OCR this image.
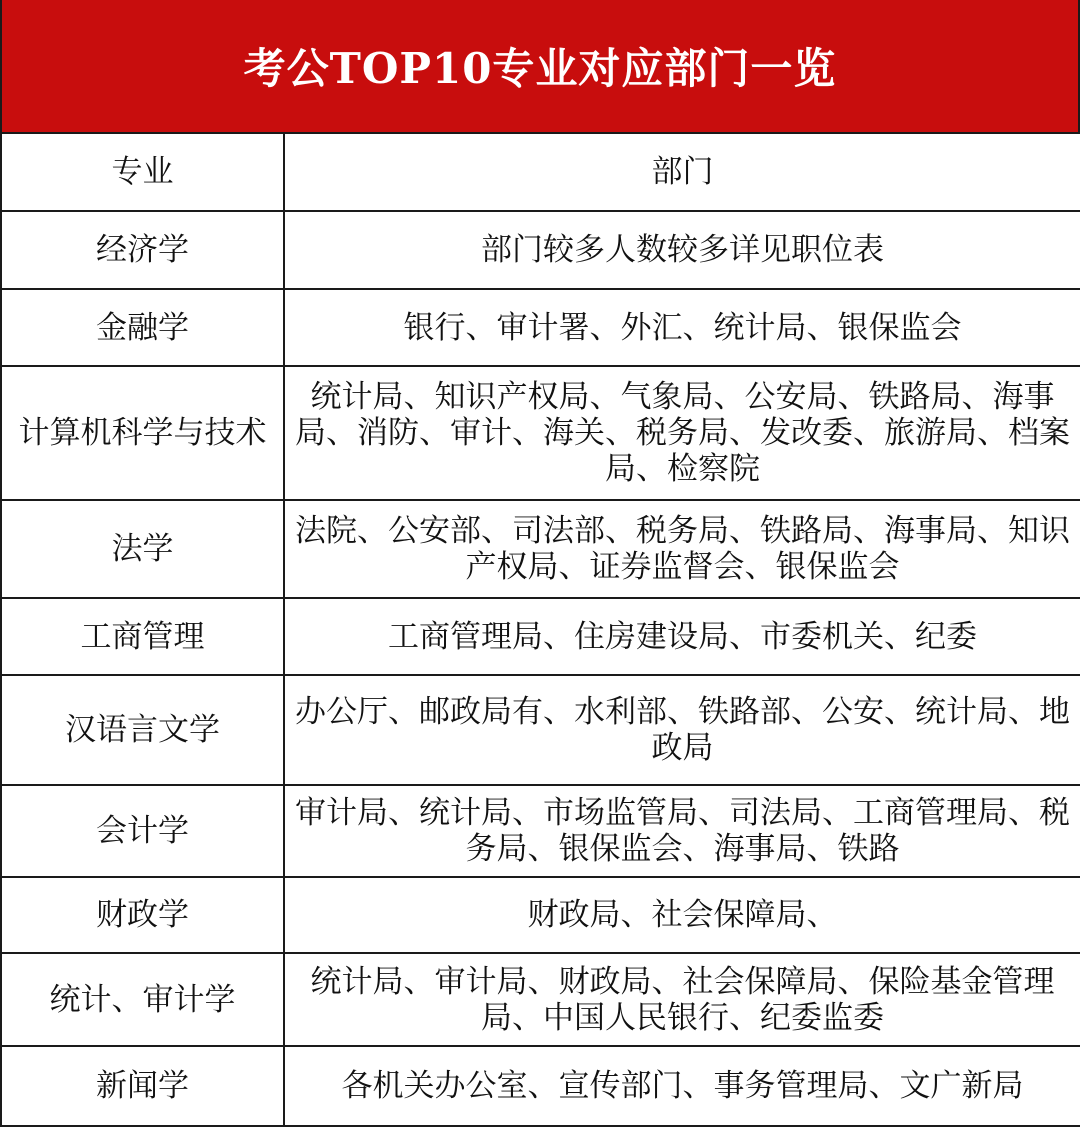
考公TOP10专业对应部门一览
专业	部门
经济学	部门较多人数较多详见职位表
金融学	银行、审计署、外汇、统计局、银保监会
计算机科学与技术	统计局、知识产权局、气象局、公安局、铁路局、海事局、消防、审计、海关、税务局、发改委、旅游局、档案局、检察院
法学	法院、公安部、司法部、税务局、铁路局、海事局、知识产权局、证券监督会、银保监会
工商管理	工商管理局、住房建设局、市委机关、纪委
汉语言文学	办公厅、邮政局有、水利部、铁路部、公安、统计局、地政局
会计学	审计局、统计局、市场监管局、司法局、工商管理局、税务局、银保监会、海事局、铁路
财政学	财政局、社会保障局、
统计、审计学	统计局、审计局、财政局、社会保障局、保险基金管理局、中国人民银行、纪委监委
新闻学	各机关办公室、宣传部门、事务管理局、文广新局
